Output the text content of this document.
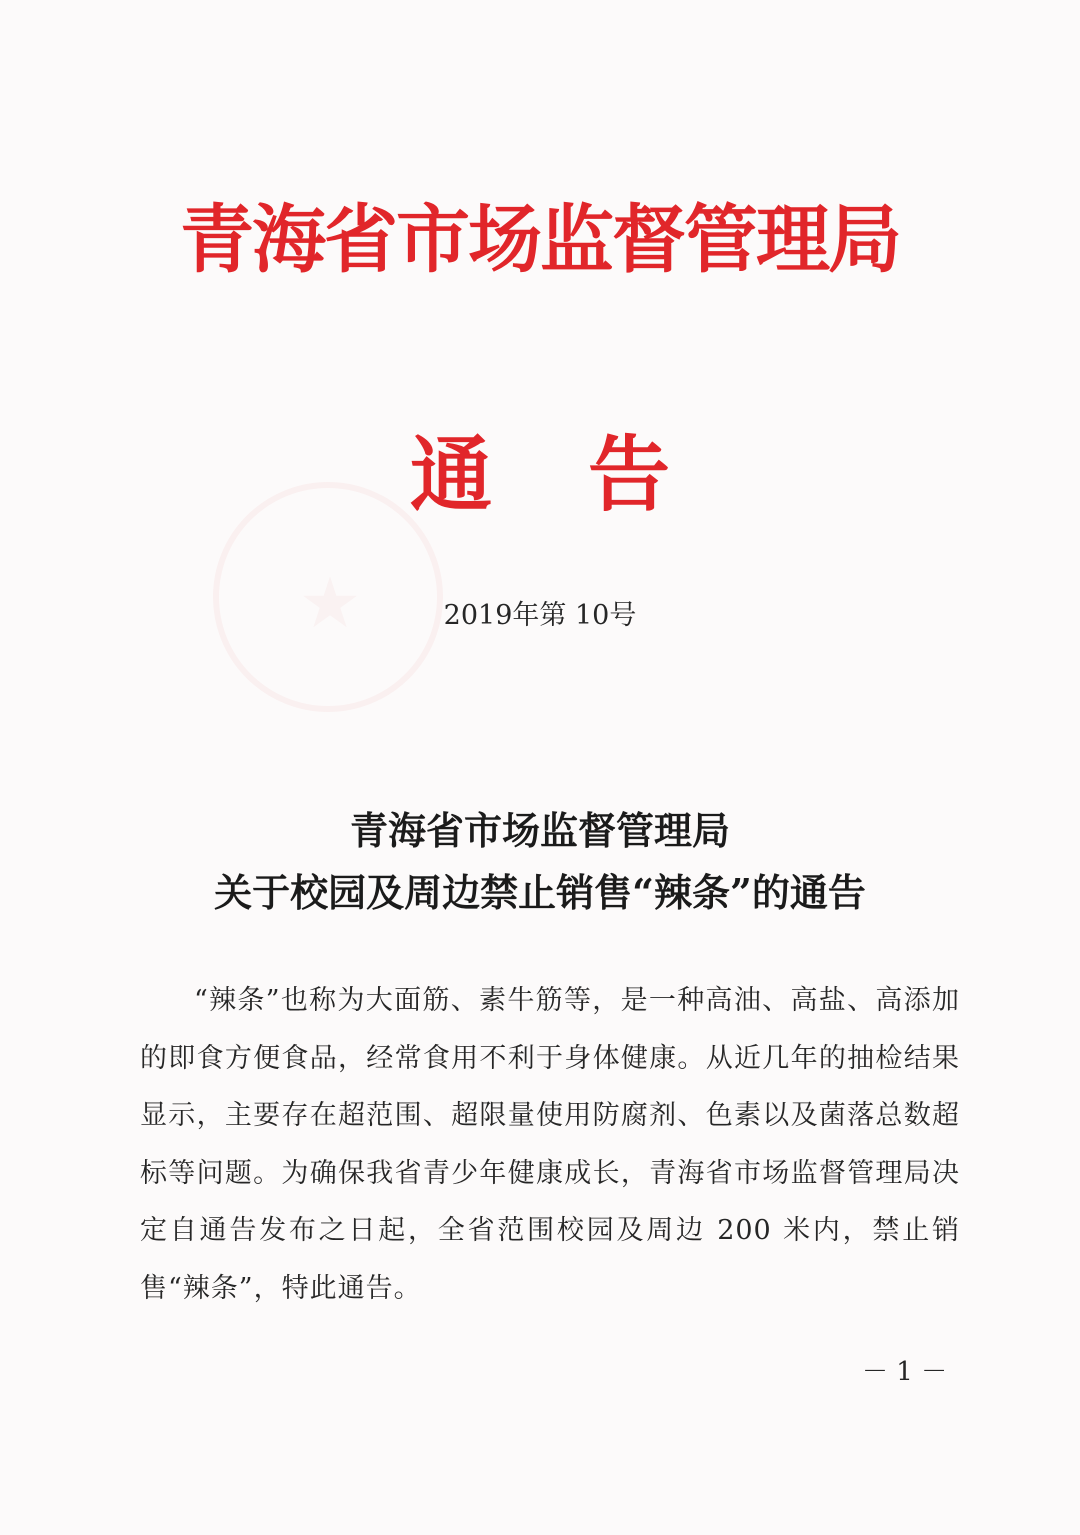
★
青海省市场监督管理局
通 告
2019年第 10号
青海省市场监督管理局
关于校园及周边禁止销售“辣条”的通告
“辣条”也称为大面筋、素牛筋等，是一种高油、高盐、高添加的即食方便食品，经常食用不利于身体健康。从近几年的抽检结果显示，主要存在超范围、超限量使用防腐剂、色素以及菌落总数超标等问题。为确保我省青少年健康成长，青海省市场监督管理局决定自通告发布之日起，全省范围校园及周边 200 米内，禁止销售“辣条”，特此通告。
－ 1 －
